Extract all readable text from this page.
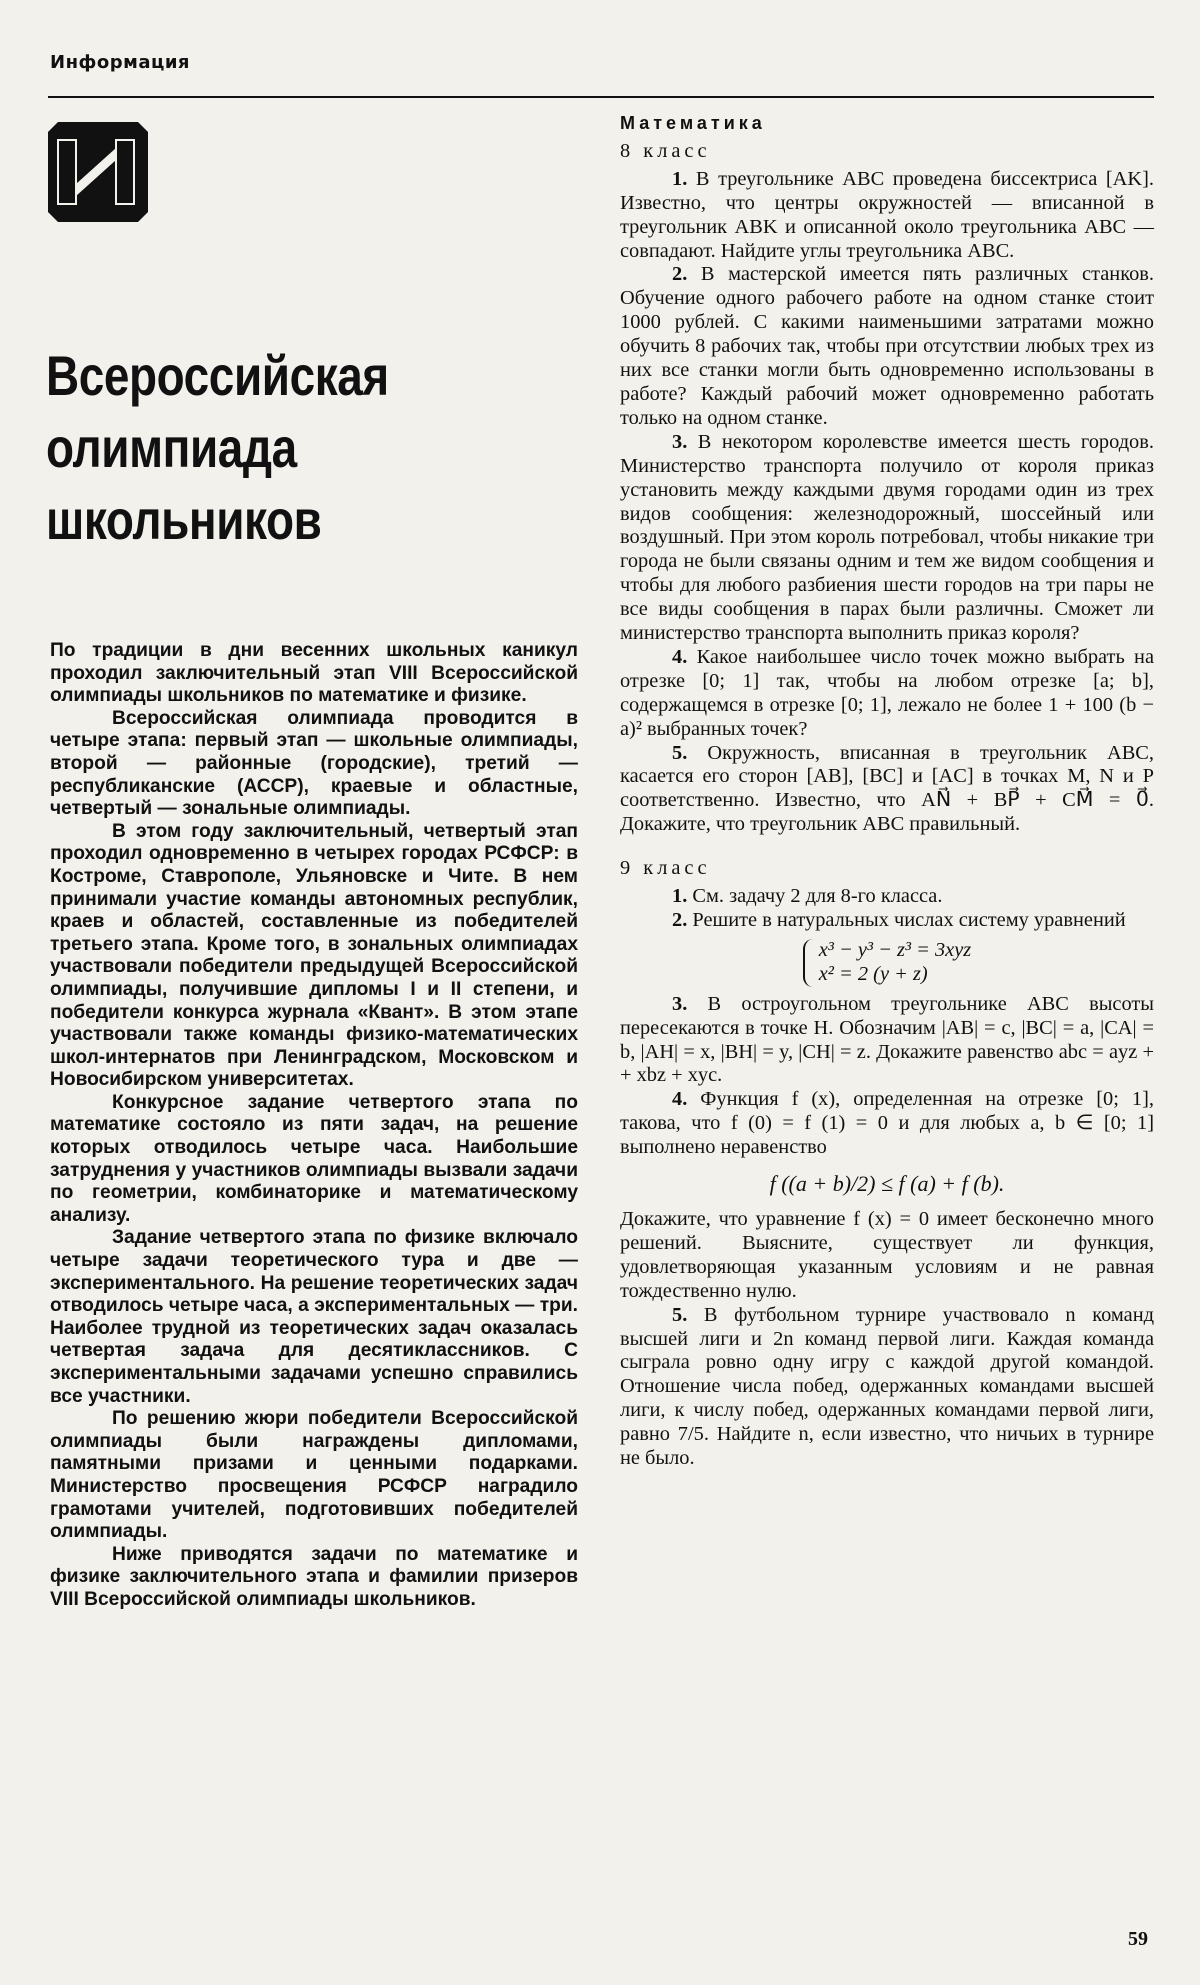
Информация
Всероссийская
олимпиада
школьников

По традиции в дни весенних школьных каникул проходил заключительный этап VIII Всероссийской олимпиады школьников по математике и физике.

Всероссийская олимпиада проводится в четыре этапа: первый этап — школьные олимпиады, второй — районные (городские), третий — республиканские (АССР), краевые и областные, четвертый — зональные олимпиады.

В этом году заключительный, четвертый этап проходил одновременно в четырех городах РСФСР: в Костроме, Ставрополе, Ульяновске и Чите. В нем принимали участие команды автономных республик, краев и областей, составленные из победителей третьего этапа. Кроме того, в зональных олимпиадах участвовали победители предыдущей Всероссийской олимпиады, получившие дипломы I и II степени, и победители конкурса журнала «Квант». В этом этапе участвовали также команды физико-математических школ-интернатов при Ленинградском, Московском и Новосибирском университетах.

Конкурсное задание четвертого этапа по математике состояло из пяти задач, на решение которых отводилось четыре часа. Наибольшие затруднения у участников олимпиады вызвали задачи по геометрии, комбинаторике и математическому анализу.

Задание четвертого этапа по физике включало четыре задачи теоретического тура и две — экспериментального. На решение теоретических задач отводилось четыре часа, а экспериментальных — три. Наиболее трудной из теоретических задач оказалась четвертая задача для десятиклассников. С экспериментальными задачами успешно справились все участники.

По решению жюри победители Всероссийской олимпиады были награждены дипломами, памятными призами и ценными подарками. Министерство просвещения РСФСР наградило грамотами учителей, подготовивших победителей олимпиады.

Ниже приводятся задачи по математике и физике заключительного этапа и фамилии призеров VIII Всероссийской олимпиады школьников.

Математика

8 класс

1. В треугольнике ABC проведена биссектриса [AK]. Известно, что центры окружностей — вписанной в треугольник ABK и описанной около треугольника ABC — совпадают. Найдите углы треугольника ABC.

2. В мастерской имеется пять различных станков. Обучение одного рабочего работе на одном станке стоит 1000 рублей. С какими наименьшими затратами можно обучить 8 рабочих так, чтобы при отсутствии любых трех из них все станки могли быть одновременно использованы в работе? Каждый рабочий может одновременно работать только на одном станке.

3. В некотором королевстве имеется шесть городов. Министерство транспорта получило от короля приказ установить между каждыми двумя городами один из трех видов сообщения: железнодорожный, шоссейный или воздушный. При этом король потребовал, чтобы никакие три города не были связаны одним и тем же видом сообщения и чтобы для любого разбиения шести городов на три пары не все виды сообщения в парах были различны. Сможет ли министерство транспорта выполнить приказ короля?

4. Какое наибольшее число точек можно выбрать на отрезке [0; 1] так, чтобы на любом отрезке [a; b], содержащемся в отрезке [0; 1], лежало не более 1 + 100 (b − a)² выбранных точек?

5. Окружность, вписанная в треугольник ABC, касается его сторон [AB], [BC] и [AC] в точках M, N и P соответственно. Известно, что AN⃗ + BP⃗ + CM⃗ = 0⃗. Докажите, что треугольник ABC правильный.

9 класс

1. См. задачу 2 для 8-го класса.

2. Решите в натуральных числах систему уравнений

x³ − y³ − z³ = 3xyz
x² = 2 (y + z)

3. В остроугольном треугольнике ABC высоты пересекаются в точке H. Обозначим |AB| = c, |BC| = a, |CA| = b, |AH| = x, |BH| = y, |CH| = z. Докажите равенство abc = ayz + + xbz + xyc.

4. Функция f (x), определенная на отрезке [0; 1], такова, что f (0) = f (1) = 0 и для любых a, b ∈ [0; 1] выполнено неравенство

f ((a + b)/2) ≤ f (a) + f (b).

Докажите, что уравнение f (x) = 0 имеет бесконечно много решений. Выясните, существует ли функция, удовлетворяющая указанным условиям и не равная тождественно нулю.

5. В футбольном турнире участвовало n команд высшей лиги и 2n команд первой лиги. Каждая команда сыграла ровно одну игру с каждой другой командой. Отношение числа побед, одержанных командами высшей лиги, к числу побед, одержанных командами первой лиги, равно 7/5. Найдите n, если известно, что ничьих в турнире не было.

59
